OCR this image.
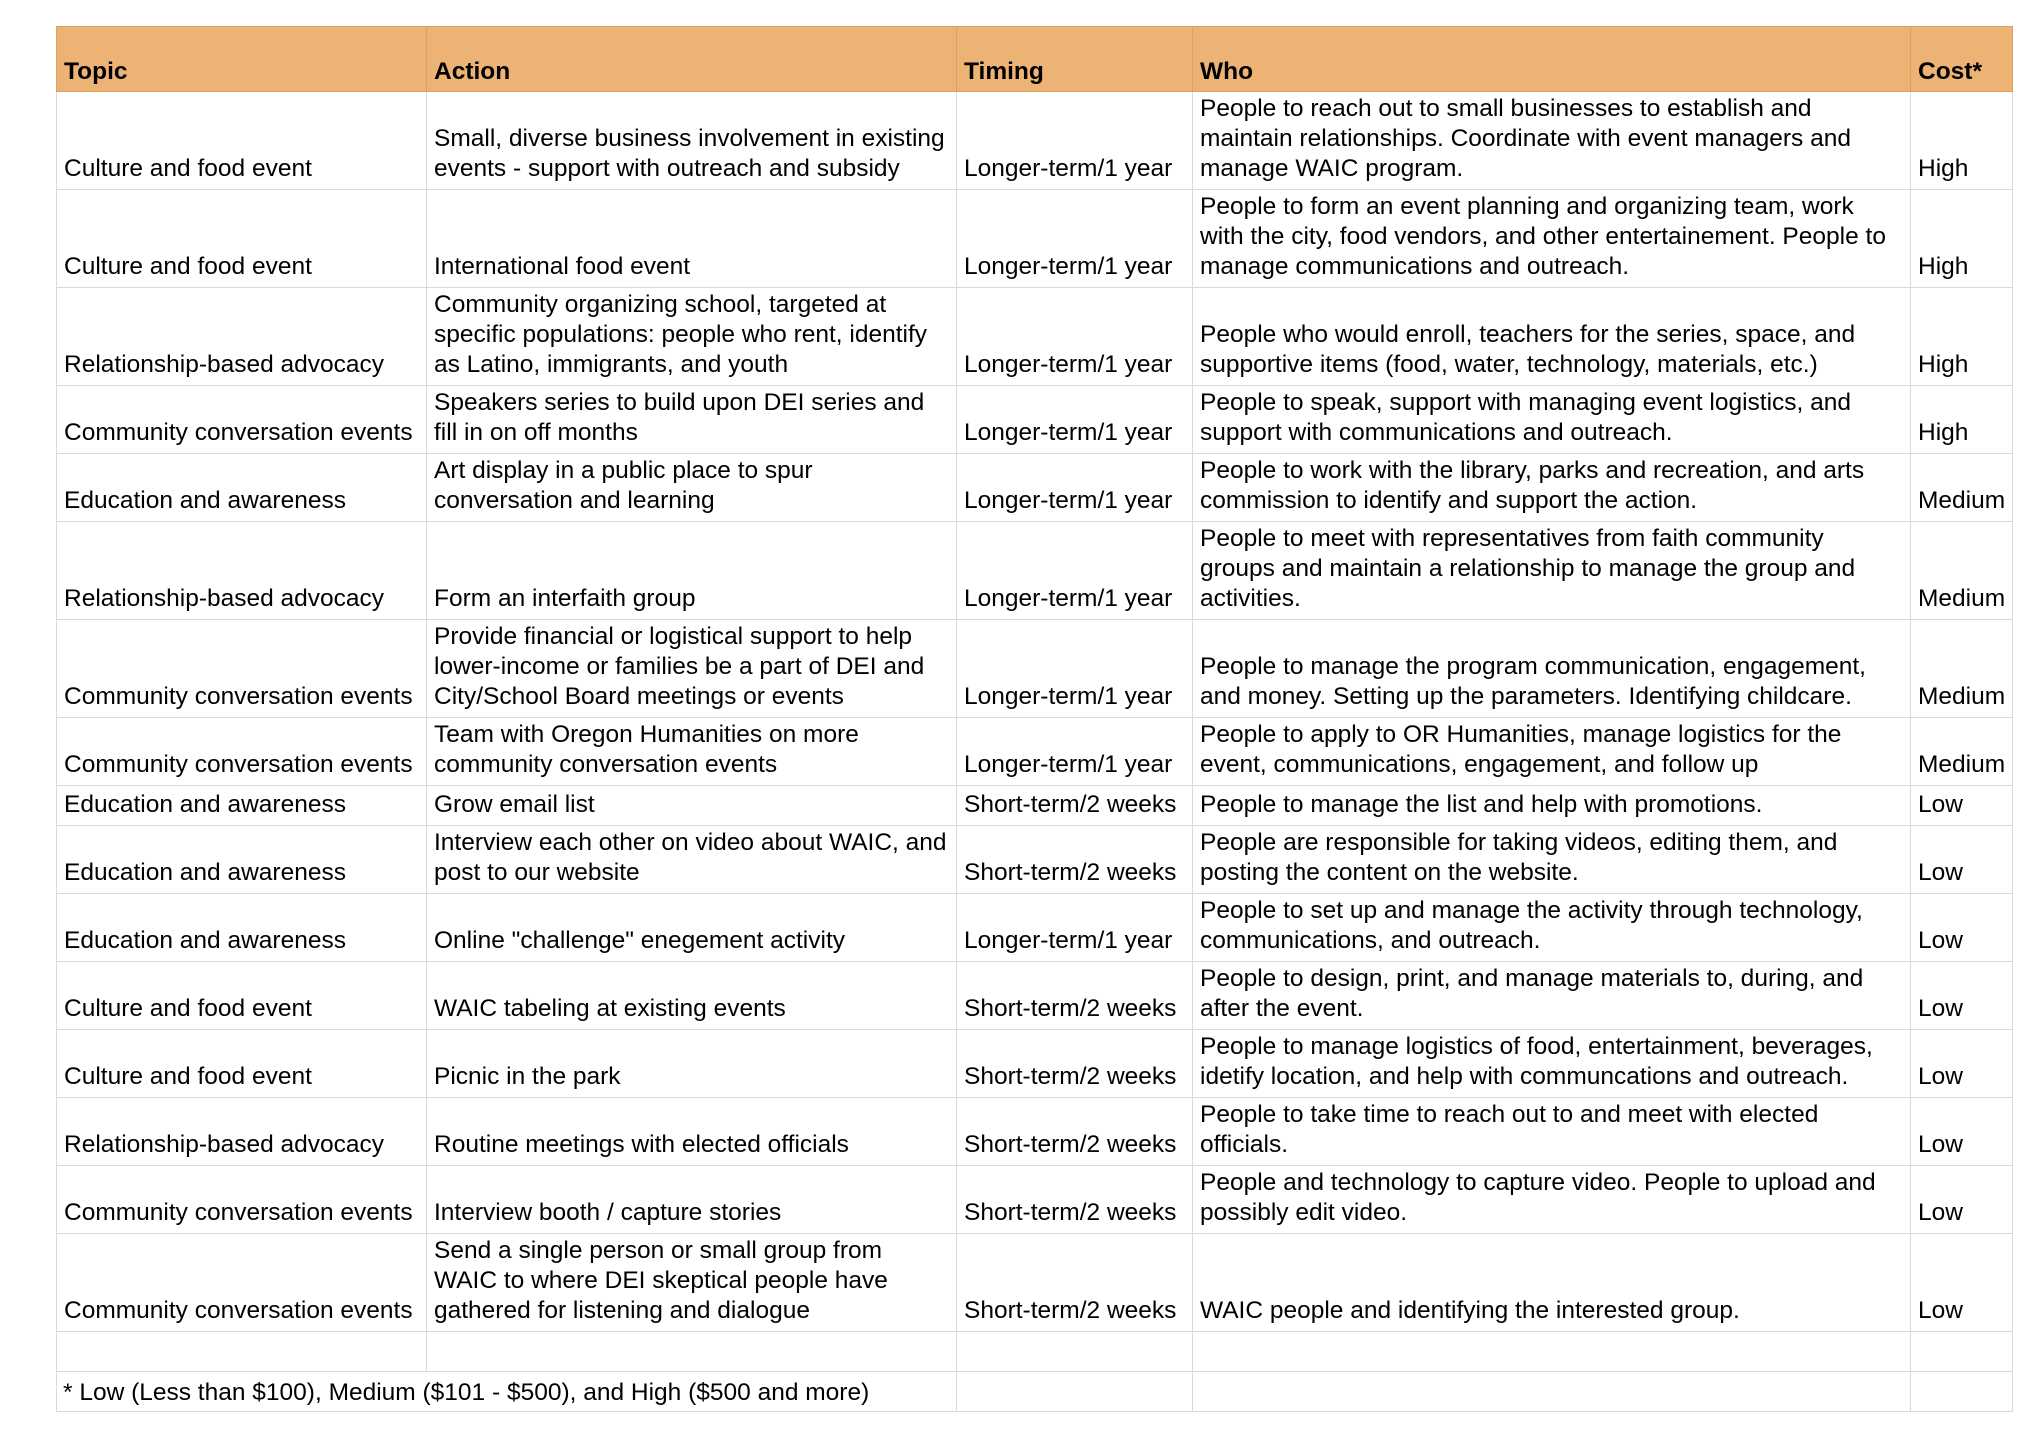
Topic	Action	Timing	Who	Cost*
Culture and food event	Small, diverse business involvement in existing
events - support with outreach and subsidy	Longer-term/1 year	People to reach out to small businesses to establish and
maintain relationships. Coordinate with event managers and
manage WAIC program.	High
Culture and food event	International food event	Longer-term/1 year	People to form an event planning and organizing team, work
with the city, food vendors, and other entertainement. People to
manage communications and outreach.	High
Relationship-based advocacy	Community organizing school, targeted at
specific populations: people who rent, identify
as Latino, immigrants, and youth	Longer-term/1 year	People who would enroll, teachers for the series, space, and
supportive items (food, water, technology, materials, etc.)	High
Community conversation events	Speakers series to build upon DEI series and
fill in on off months	Longer-term/1 year	People to speak, support with managing event logistics, and
support with communications and outreach.	High
Education and awareness	Art display in a public place to spur
conversation and learning	Longer-term/1 year	People to work with the library, parks and recreation, and arts
commission to identify and support the action.	Medium
Relationship-based advocacy	Form an interfaith group	Longer-term/1 year	People to meet with representatives from faith community
groups and maintain a relationship to manage the group and
activities.	Medium
Community conversation events	Provide financial or logistical support to help
lower-income or families be a part of DEI and
City/School Board meetings or events	Longer-term/1 year	People to manage the program communication, engagement,
and money. Setting up the parameters. Identifying childcare.	Medium
Community conversation events	Team with Oregon Humanities on more
community conversation events	Longer-term/1 year	People to apply to OR Humanities, manage logistics for the
event, communications, engagement, and follow up	Medium
Education and awareness	Grow email list	Short-term/2 weeks	People to manage the list and help with promotions.	Low
Education and awareness	Interview each other on video about WAIC, and
post to our website	Short-term/2 weeks	People are responsible for taking videos, editing them, and
posting the content on the website.	Low
Education and awareness	Online "challenge" enegement activity	Longer-term/1 year	People to set up and manage the activity through technology,
communications, and outreach.	Low
Culture and food event	WAIC tabeling at existing events	Short-term/2 weeks	People to design, print, and manage materials to, during, and
after the event.	Low
Culture and food event	Picnic in the park	Short-term/2 weeks	People to manage logistics of food, entertainment, beverages,
idetify location, and help with communcations and outreach.	Low
Relationship-based advocacy	Routine meetings with elected officials	Short-term/2 weeks	People to take time to reach out to and meet with elected
officials.	Low
Community conversation events	Interview booth / capture stories	Short-term/2 weeks	People and technology to capture video. People to upload and
possibly edit video.	Low
Community conversation events	Send a single person or small group from
WAIC to where DEI skeptical people have
gathered for listening and dialogue	Short-term/2 weeks	WAIC people and identifying the interested group.	Low

* Low (Less than $100), Medium ($101 - $500), and High ($500 and more)
